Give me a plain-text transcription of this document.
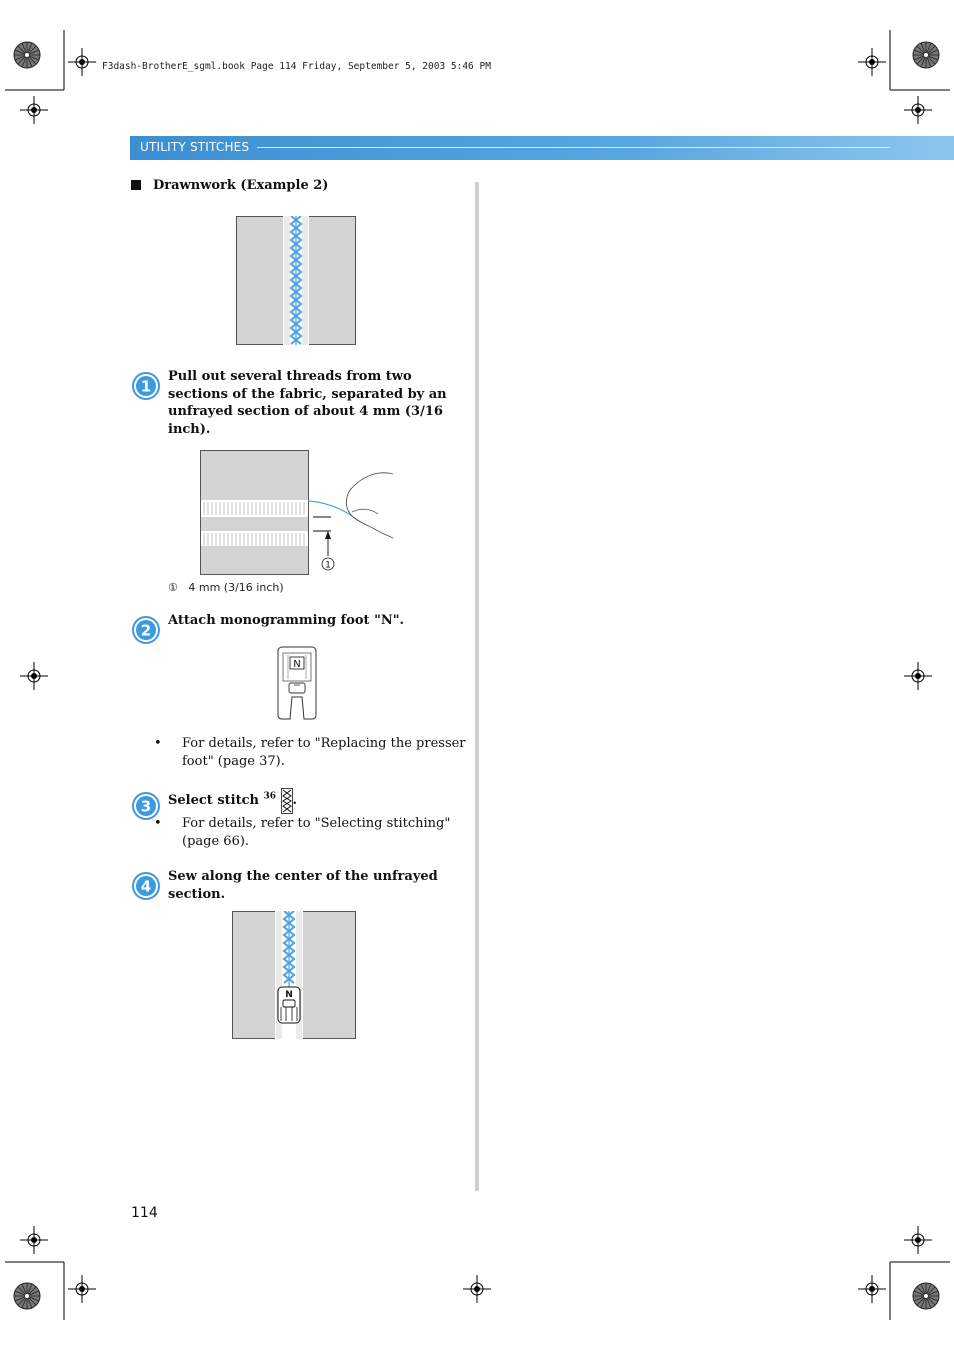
F3dash-BrotherE_sgml.book Page 114 Friday, September 5, 2003 5:46 PM
UTILITY STITCHES
Drawnwork (Example 2)
1
Pull out several threads from two sections of the fabric, separated by an unfrayed section of about 4 mm (3/16 inch).
1
① 4 mm (3/16 inch)
2
Attach monogramming foot "N".
N
• For details, refer to "Replacing the presser foot" (page 37).
3 Select stitch $^{36}$ .
• For details, refer to "Selecting stitching" (page 66).
4
Sew along the center of the unfrayed section.
N
114
